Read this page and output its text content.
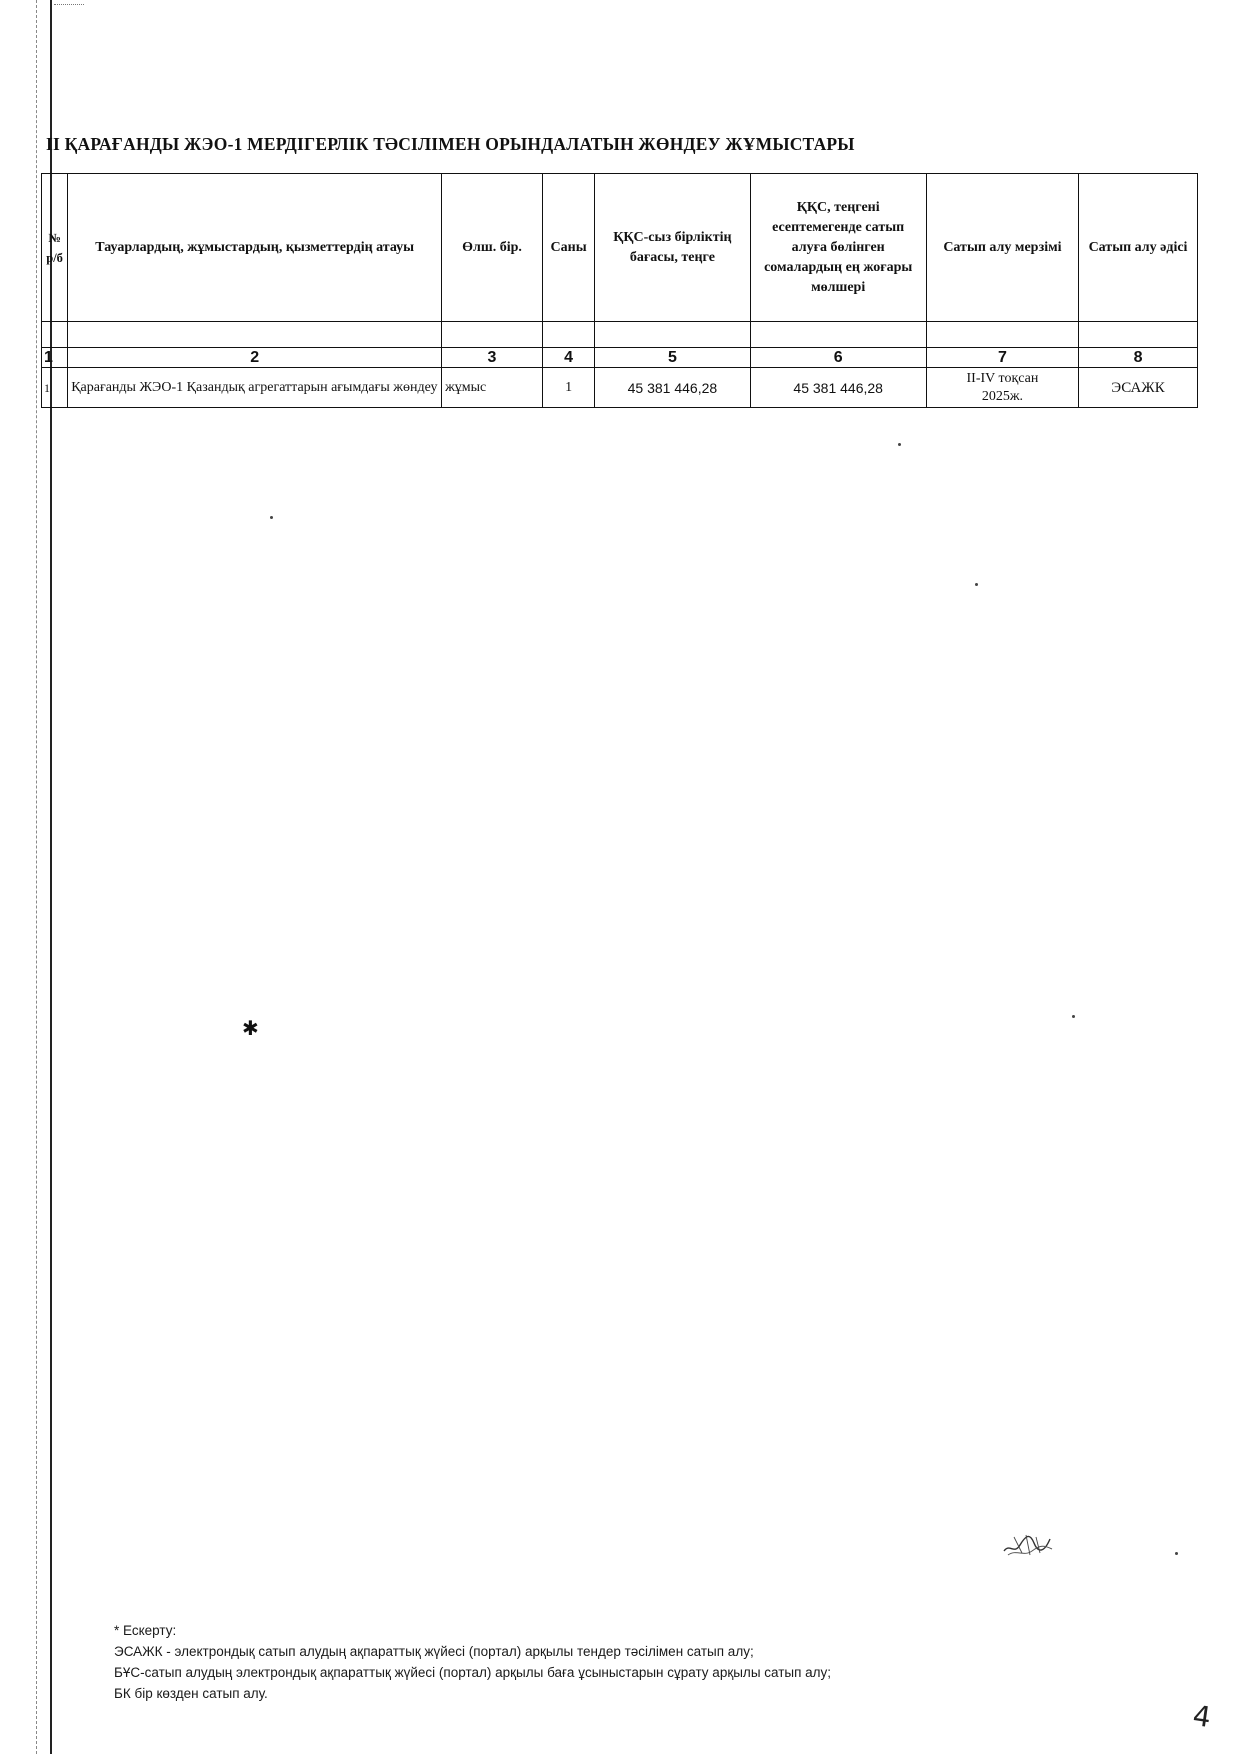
II ҚАРАҒАНДЫ ЖЭО-1 МЕРДІГЕРЛІК ТӘСІЛІМЕН ОРЫНДАЛАТЫН ЖӨНДЕУ ЖҰМЫСТАРЫ
№ р/б	Тауарлардың, жұмыстардың, қызметтердің атауы	Өлш. бір.	Саны	ҚҚС-сыз бірліктің бағасы, теңге	ҚҚС, теңгені есептемегенде сатып алуға бөлінген сомалардың ең жоғары мөлшері	Сатып алу мерзімі	Сатып алу әдісі

1	2	3	4	5	6	7	8
1	Қарағанды ЖЭО-1 Қазандық агрегаттарын ағымдағы жөндеу	жұмыс	1	45 381 446,28	45 381 446,28	II-IV тоқсан 2025ж.	ЭСАЖК
✱
* Ескерту:
ЭСАЖК - электрондық сатып алудың ақпараттық жүйесі (портал) арқылы тендер тәсілімен сатып алу;
БҰС-сатып алудың электрондық ақпараттық жүйесі (портал) арқылы баға ұсыныстарын сұрату арқылы сатып алу;
БК бір көзден сатып алу.
4
